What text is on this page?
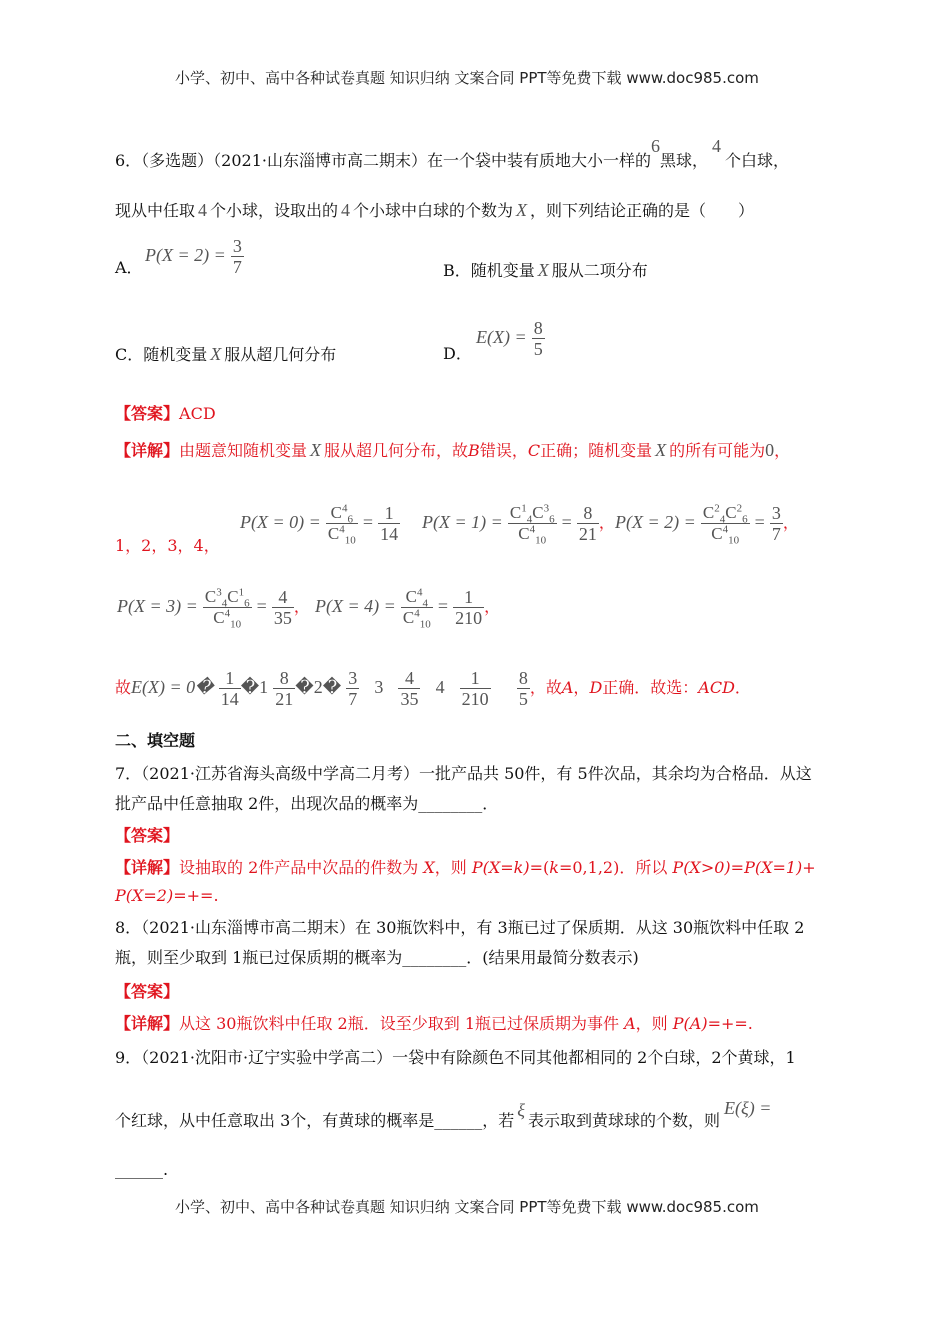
小学、初中、高中各种试卷真题 知识归纳 文案合同 PPT等免费下载 www.doc985.com
小学、初中、高中各种试卷真题 知识归纳 文案合同 PPT等免费下载 www.doc985.com
6．（多选题）（2021·山东淄博市高二期末）在一个袋中装有质地大小一样的6黑球，4个白球，
现从中任取 4 个小球，设取出的 4 个小球中白球的个数为 X ，则下列结论正确的是（　　）
A．
$P(X = 2) = \frac{3}{7}$	B．随机变量 X 服从二项分布
C．随机变量 X 服从超几何分布	D．
$E(X) = \frac{8}{5}$
【答案】ACD
【详解】由题意知随机变量 X 服从超几何分布，故B错误，C正确；随机变量 X 的所有可能为0，
1，2，3，4，
$P(X = 0) = \frac{C^4_6}{C^4_{10}} = \frac{1}{14} P(X = 1) = \frac{C^1_4C^3_6}{C^4_{10}} = \frac{8}{21}$ ， $P(X = 2) = \frac{C^2_4C^2_6}{C^4_{10}} = \frac{3}{7}$ ，
$P(X = 3) = \frac{C^3_4C^1_6}{C^4_{10}} = \frac{4}{35}$ ， $P(X = 4) = \frac{C^4_4}{C^4_{10}} = \frac{1}{210}$ ，
故E(X) = 0� $\frac{1}{14}$ �1 $\frac{8}{21}$ �2� $\frac{3}{7} 3 \frac{4}{35} 4 \frac{1}{210}$
$\frac{8}{5}$ ，故A，D正确．故选：ACD．
二、填空题
7．（2021·江苏省海头高级中学高二月考）一批产品共 50件，有 5件次品，其余均为合格品．从这
批产品中任意抽取 2件，出现次品的概率为________．
【答案】
【详解】设抽取的 2件产品中次品的件数为 X，则 P(X=k)=(k=0,1,2)．所以 P(X>0)=P(X=1)+
P(X=2)=+=.
8．（2021·山东淄博市高二期末）在 30瓶饮料中，有 3瓶已过了保质期．从这 30瓶饮料中任取 2
瓶，则至少取到 1瓶已过保质期的概率为________．(结果用最简分数表示)
【答案】
【详解】从这 30瓶饮料中任取 2瓶．设至少取到 1瓶已过保质期为事件 A，则 P(A)=+=.
9．（2021·沈阳市·辽宁实验中学高二）一袋中有除颜色不同其他都相同的 2个白球，2个黄球，1
个红球，从中任意取出 3个，有黄球的概率是______，若ξ表示取到黄球球的个数，则E(ξ) =
______.
